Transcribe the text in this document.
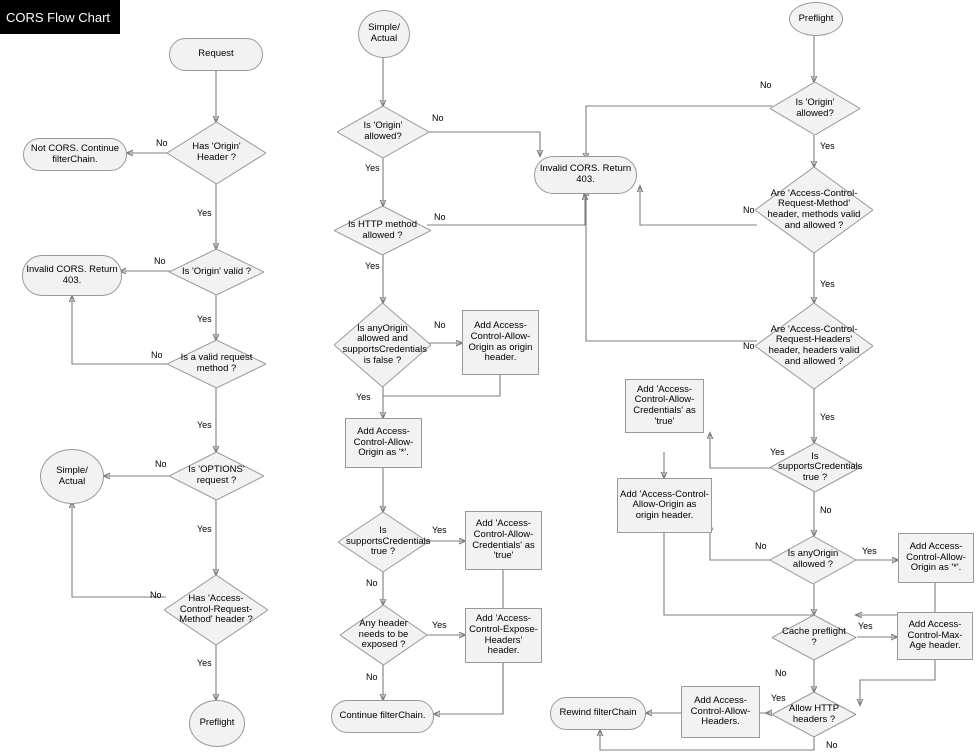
CORS Flow Chart
Request
Has 'Origin' Header ?
Not CORS. Continue filterChain.
Is 'Origin' valid ?
Invalid CORS. Return 403.
Is a valid request method ?
Is 'OPTIONS' request ?
Simple/ Actual
Has 'Access-Control-Request-Method' header ?
Preflight
No
Yes
No
Yes
No
Yes
No
Yes
No
Yes
Simple/ Actual
Is 'Origin' allowed?
Is HTTP method allowed ?
Is anyOrigin allowed and supportsCredentials is false ?
Add Access-Control-Allow-Origin as origin header.
Add Access-Control-Allow-Origin as '*'.
Is supportsCredentials true ?
Add 'Access-Control-Allow-Credentials' as 'true'
Any header needs to be exposed ?
Add 'Access-Control-Expose-Headers' header.
Continue filterChain.
Invalid CORS. Return 403.
No
Yes
No
Yes
No
Yes
Yes
No
Yes
No
Preflight
Is 'Origin' allowed?
Are 'Access-Control-Request-Method' header, methods valid and allowed ?
Are 'Access-Control-Request-Headers' header, headers valid and allowed ?
Is supportsCredentials true ?
Add 'Access-Control-Allow-Credentials' as 'true'
Add 'Access-Control-Allow-Origin as origin header.
Is anyOrigin allowed ?
Add Access-Control-Allow-Origin as '*'.
Cache preflight ?
Add Access-Control-Max-Age header.
Allow HTTP headers ?
Add Access-Control-Allow-Headers.
Rewind filterChain
No
Yes
No
Yes
No
Yes
Yes
No
Yes
No
Yes
No
Yes
No
